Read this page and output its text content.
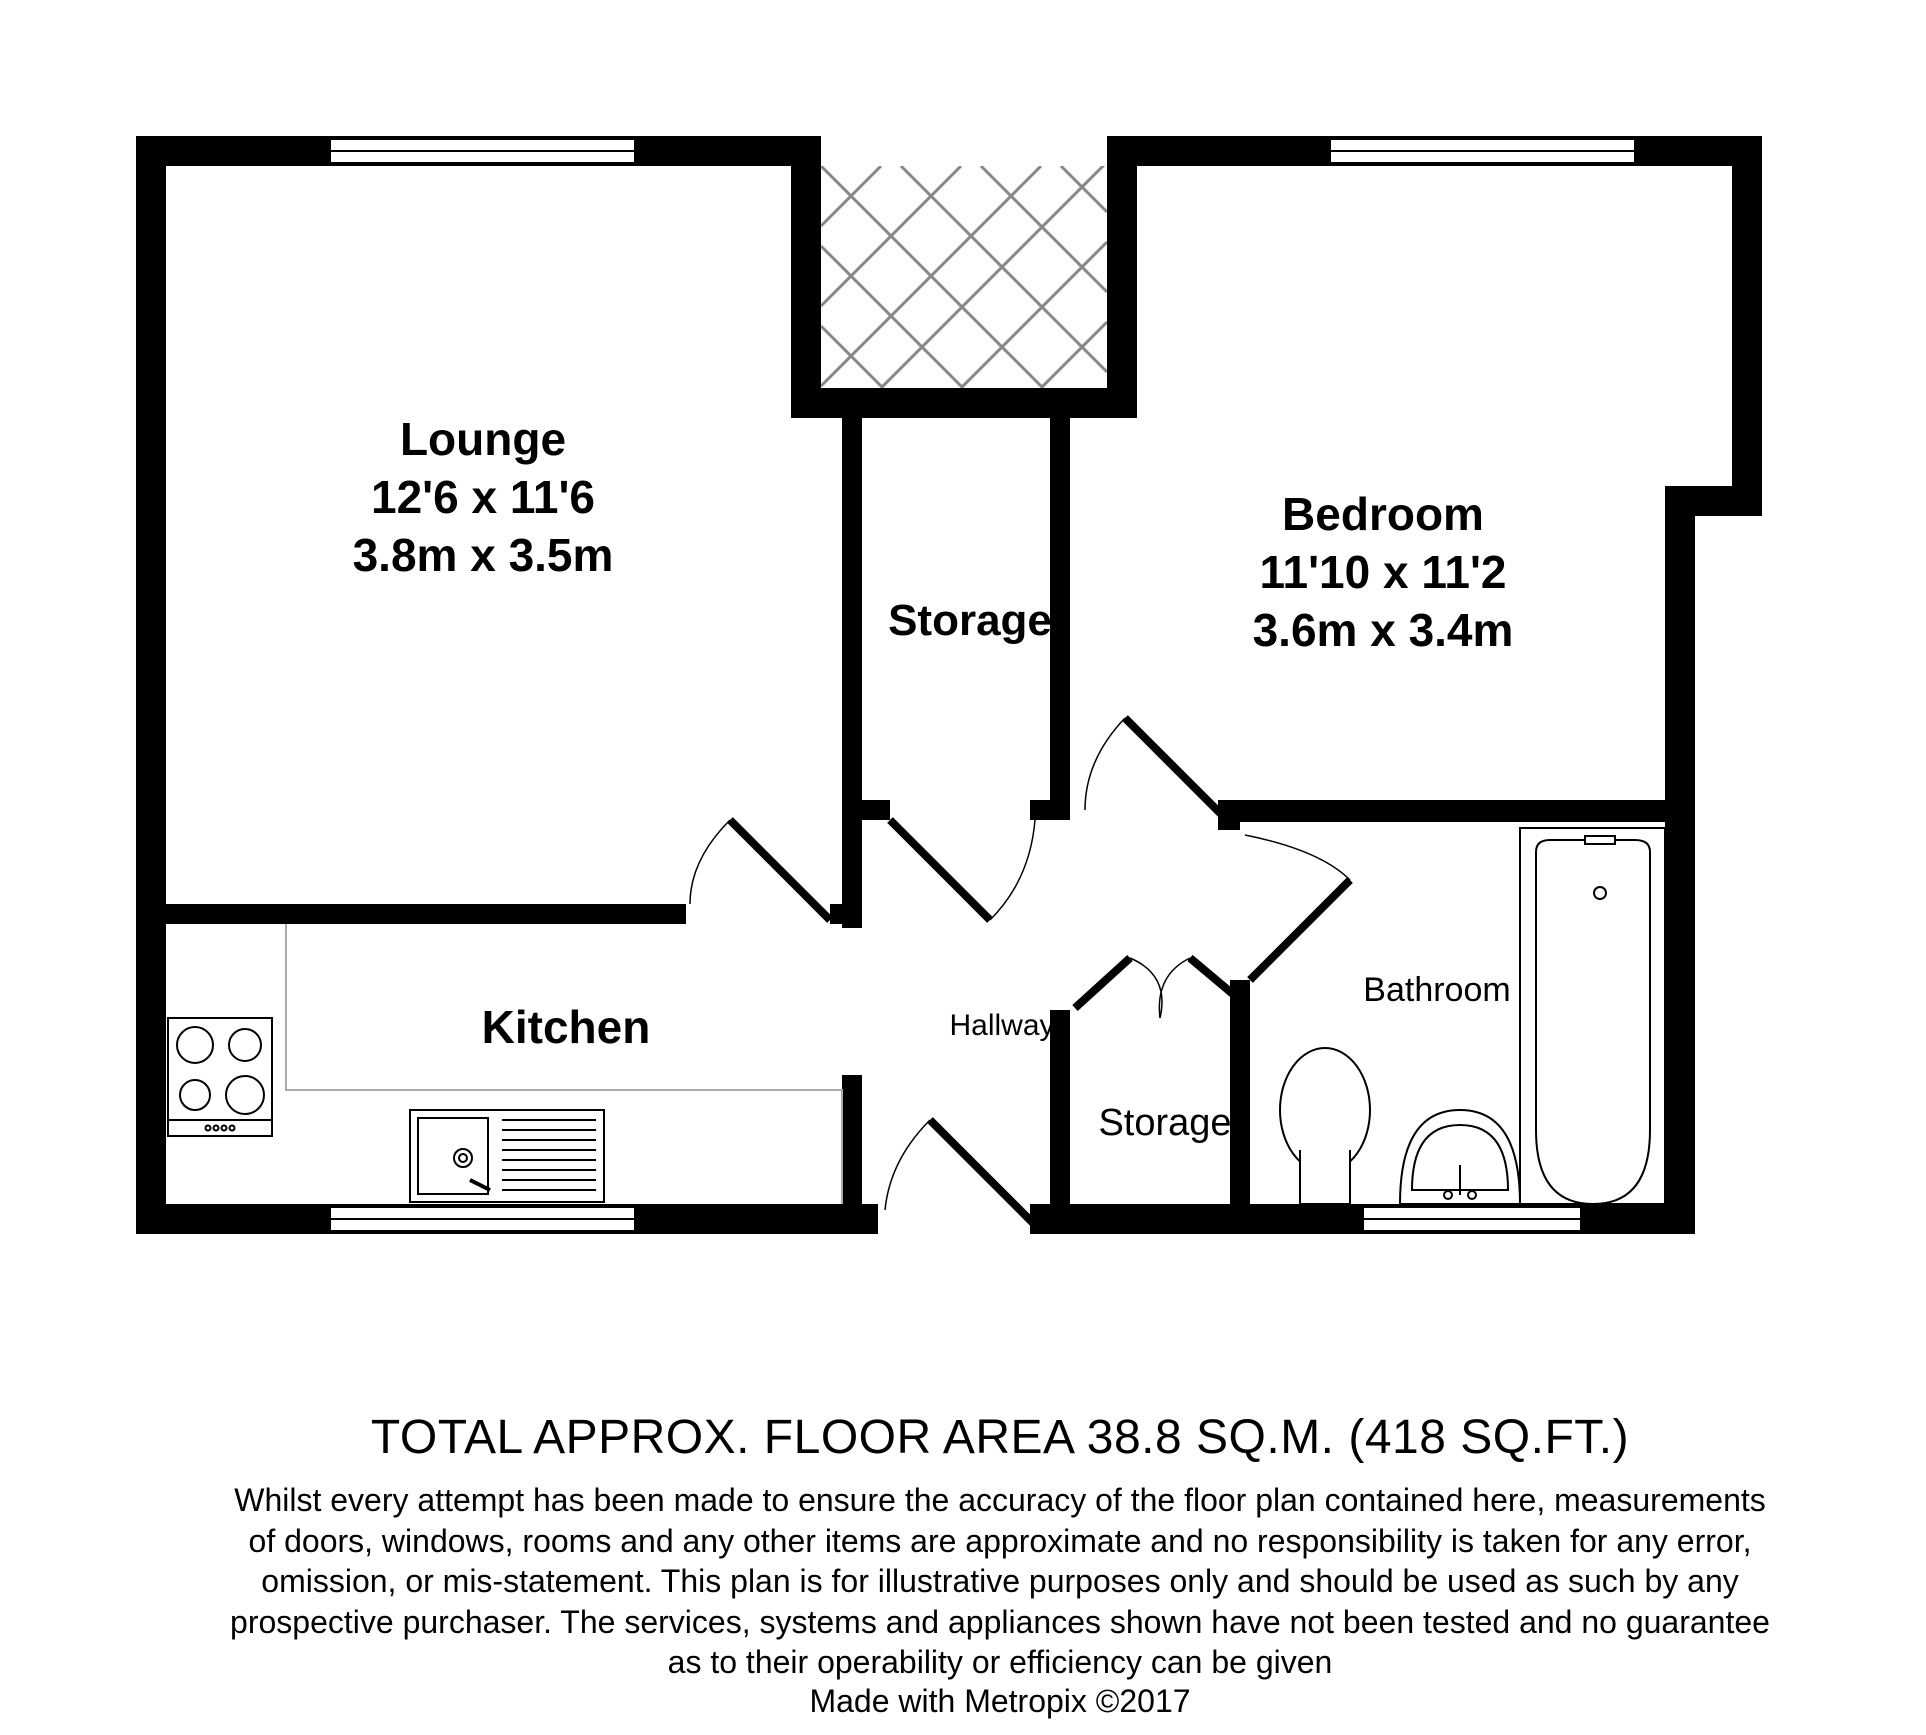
Lounge
12'6 x 11'6
3.8m x 3.5m
Bedroom
11'10 x 11'2
3.6m x 3.4m
Storage
Kitchen	Hallway
Storage
Bathroom
TOTAL APPROX. FLOOR AREA 38.8 SQ.M. (418 SQ.FT.)
Whilst every attempt has been made to ensure the accuracy of the floor plan contained here, measurements
of doors, windows, rooms and any other items are approximate and no responsibility is taken for any error,
omission, or mis-statement. This plan is for illustrative purposes only and should be used as such by any
prospective purchaser. The services, systems and appliances shown have not been tested and no guarantee
as to their operability or efficiency can be given
Made with Metropix ©2017
